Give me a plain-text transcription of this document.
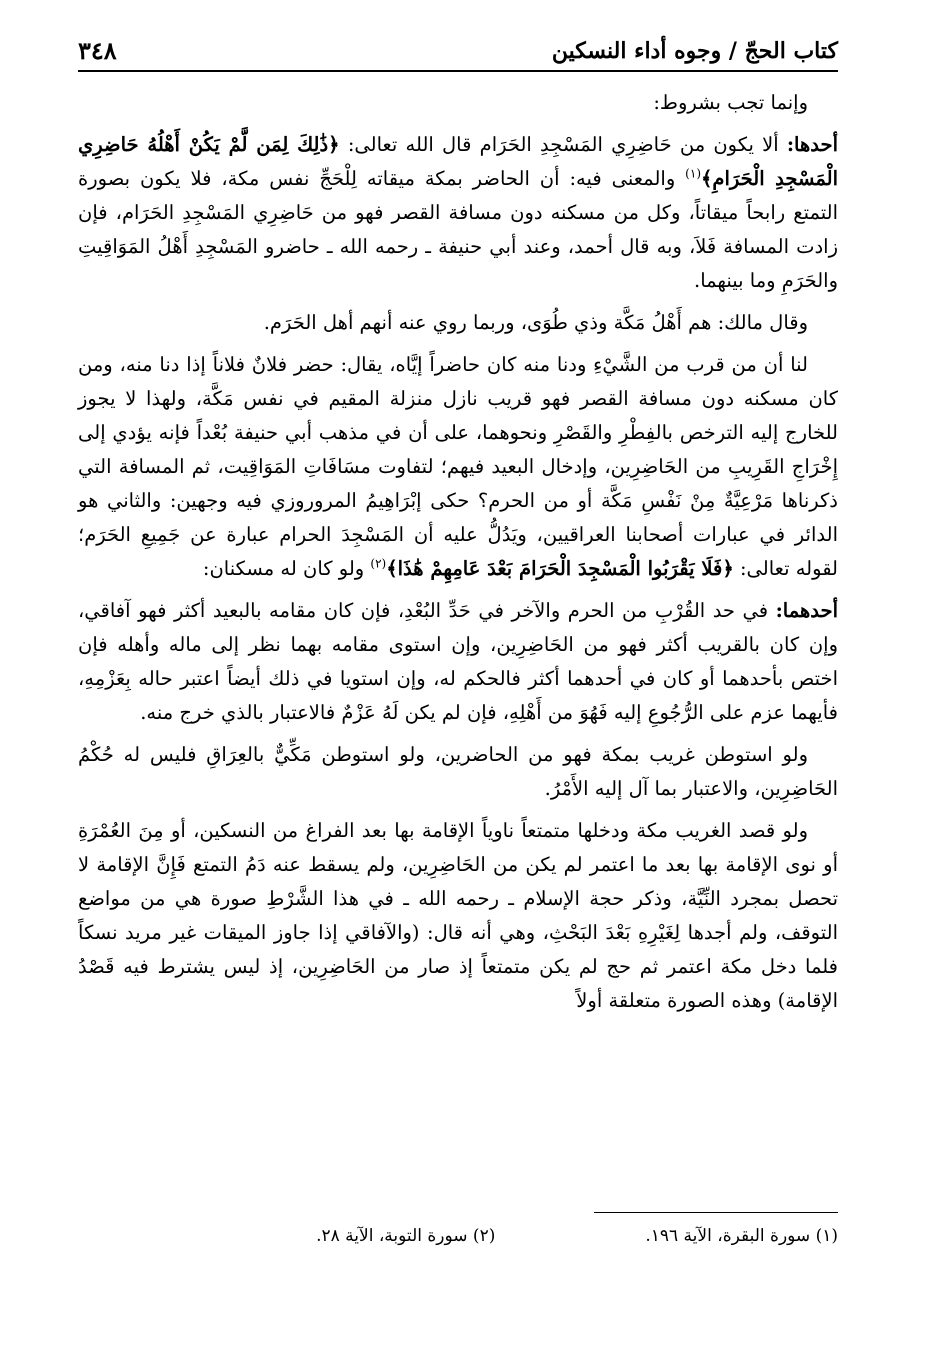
كتاب الحجّ / وجوه أداء النسكين
٣٤٨

وإنما تجب بشروط:

أحدها: ألا يكون من حَاضِرِي المَسْجِدِ الحَرَام قال الله تعالى: ﴿ذَٰلِكَ لِمَن لَّمْ يَكُنْ أَهْلُهُ حَاضِرِي الْمَسْجِدِ الْحَرَامِ﴾$^{(١)}$ والمعنى فيه: أن الحاضر بمكة ميقاته لِلْحَجِّ نفس مكة، فلا يكون بصورة التمتع رابحاً ميقاتاً، وكل من مسكنه دون مسافة القصر فهو من حَاضِرِي المَسْجِدِ الحَرَام، فإن زادت المسافة فَلاَ، وبه قال أحمد، وعند أبي حنيفة ـ رحمه الله ـ حاضرو المَسْجِدِ أَهْلُ المَوَاقِيتِ والحَرَمِ وما بينهما.

وقال مالك: هم أَهْلُ مَكَّة وذي طُوَى، وربما روي عنه أنهم أهل الحَرَم.

لنا أن من قرب من الشَّيْءِ ودنا منه كان حاضراً إيَّاه، يقال: حضر فلانٌ فلاناً إذا دنا منه، ومن كان مسكنه دون مسافة القصر فهو قريب نازل منزلة المقيم في نفس مَكَّة، ولهذا لا يجوز للخارج إليه الترخص بالفِطْرِ والقَصْرِ ونحوهما، على أن في مذهب أبي حنيفة بُعْداً فإنه يؤدي إلى إِخْرَاجِ القَرِيبِ من الحَاضِرِين، وإدخال البعيد فيهم؛ لتفاوت مسَافَاتِ المَوَاقِيت، ثم المسافة التي ذكرناها مَرْعِيَّةٌ مِنْ نَفْسِ مَكَّة أو من الحرم؟ حكى إبْرَاهِيمُ المروروزي فيه وجهين: والثاني هو الدائر في عبارات أصحابنا العراقيين، ويَدُلُّ عليه أن المَسْجِدَ الحرام عبارة عن جَمِيعِ الحَرَم؛ لقوله تعالى: ﴿فَلَا يَقْرَبُوا الْمَسْجِدَ الْحَرَامَ بَعْدَ عَامِهِمْ هَٰذَا﴾$^{(٢)}$ ولو كان له مسكنان:

أحدهما: في حد القُرْبِ من الحرم والآخر في حَدِّ البُعْدِ، فإن كان مقامه بالبعيد أكثر فهو آفاقي، وإن كان بالقريب أكثر فهو من الحَاضِرِين، وإن استوى مقامه بهما نظر إلى ماله وأهله فإن اختص بأحدهما أو كان في أحدهما أكثر فالحكم له، وإن استويا في ذلك أيضاً اعتبر حاله بِعَزْمِهِ، فأيهما عزم على الرُّجُوعِ إليه فَهُوَ من أَهْلِهِ، فإن لم يكن لَهُ عَزْمٌ فالاعتبار بالذي خرج منه.

ولو استوطن غريب بمكة فهو من الحاضرين، ولو استوطن مَكِّيٌّ بالعِرَاقِ فليس له حُكْمُ الحَاضِرِين، والاعتبار بما آل إليه الأَمْرُ.

ولو قصد الغريب مكة ودخلها متمتعاً ناوياً الإقامة بها بعد الفراغ من النسكين، أو مِنَ العُمْرَةِ أو نوى الإقامة بها بعد ما اعتمر لم يكن من الحَاضِرِين، ولم يسقط عنه دَمُ التمتع فَإِنَّ الإقامة لا تحصل بمجرد النِّيَّة، وذكر حجة الإسلام ـ رحمه الله ـ في هذا الشَّرْطِ صورة هي من مواضع التوقف، ولم أجدها لِغَيْرِهِ بَعْدَ البَحْثِ، وهي أنه قال: (والآفاقي إذا جاوز الميقات غير مريد نسكاً فلما دخل مكة اعتمر ثم حج لم يكن متمتعاً إذ صار من الحَاضِرِين، إذ ليس يشترط فيه قَصْدُ الإقامة) وهذه الصورة متعلقة أولاً

(١) سورة البقرة، الآية ١٩٦.
(٢) سورة التوبة، الآية ٢٨.
